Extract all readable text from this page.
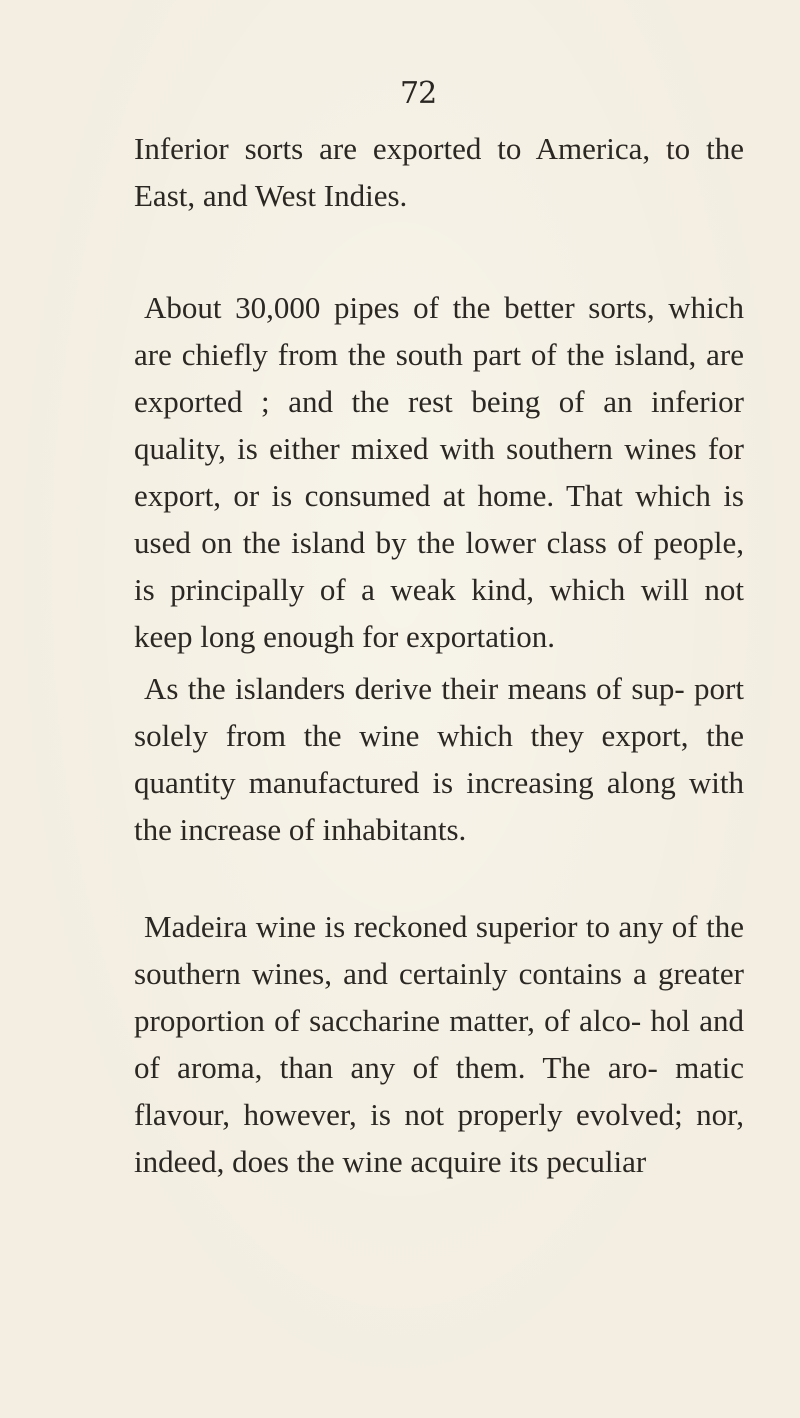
72

Inferior sorts are exported to America, to the East, and West Indies.

About 30,000 pipes of the better sorts, which are chiefly from the south part of the island, are exported ; and the rest being of an inferior quality, is either mixed with southern wines for export, or is consumed at home. That which is used on the island by the lower class of people, is principally of a weak kind, which will not keep long enough for exportation.

As the islanders derive their means of sup- port solely from the wine which they export, the quantity manufactured is increasing along with the increase of inhabitants.

Madeira wine is reckoned superior to any of the southern wines, and certainly contains a greater proportion of saccharine matter, of alco- hol and of aroma, than any of them. The aro- matic flavour, however, is not properly evolved; nor, indeed, does the wine acquire its peculiar
